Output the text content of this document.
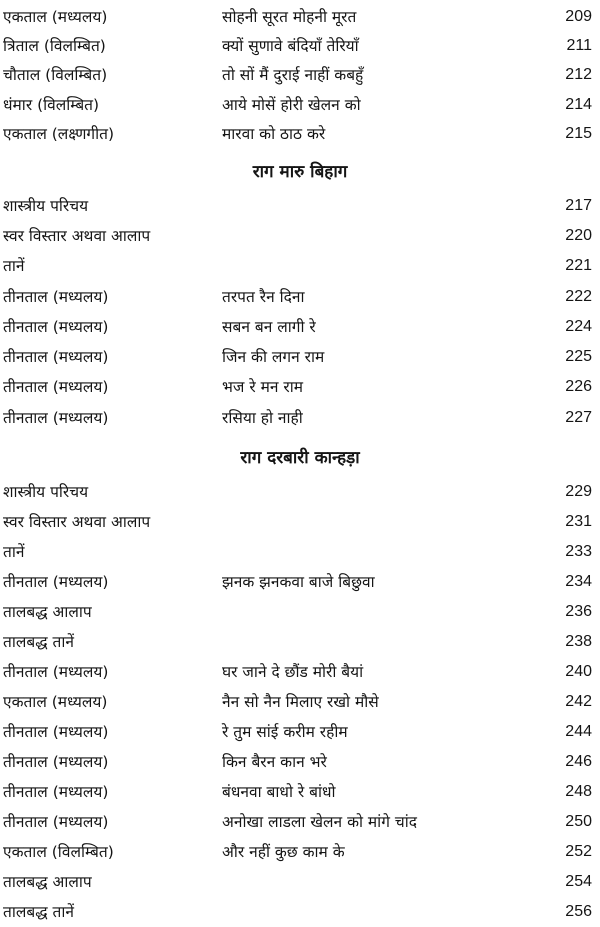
एकताल (मध्यलय)	सोहनी सूरत मोहनी मूरत	209
त्रिताल (विलम्बित)	क्यों सुणावे बंदियाँ तेरियाँ	211
चौताल (विलम्बित)	तो सों मैं दुराई नाहीं कबहुँ	212
धंमार (विलम्बित)	आये मोसें होरी खेलन को	214
एकताल (लक्ष्णगीत)	मारवा को ठाठ करे	215
राग मारु बिहाग
शास्त्रीय परिचय	217
स्वर विस्तार अथवा आलाप	220
तानें	221
तीनताल (मध्यलय)	तरपत रैन दिना	222
तीनताल (मध्यलय)	सबन बन लागी रे	224
तीनताल (मध्यलय)	जिन की लगन राम	225
तीनताल (मध्यलय)	भज रे मन राम	226
तीनताल (मध्यलय)	रसिया हो नाही	227
राग दरबारी कान्हड़ा
शास्त्रीय परिचय	229
स्वर विस्तार अथवा आलाप	231
तानें	233
तीनताल (मध्यलय)	झनक झनकवा बाजे बिछुवा	234
तालबद्ध आलाप	236
तालबद्ध तानें	238
तीनताल (मध्यलय)	घर जाने दे छौंड मोरी बैयां	240
एकताल (मध्यलय)	नैन सो नैन मिलाए रखो मौसे	242
तीनताल (मध्यलय)	रे तुम सांई करीम रहीम	244
तीनताल (मध्यलय)	किन बैरन कान भरे	246
तीनताल (मध्यलय)	बंधनवा बाधो रे बांधो	248
तीनताल (मध्यलय)	अनोखा लाडला खेलन को मांगे चांद	250
एकताल (विलम्बित)	और नहीं कुछ काम के	252
तालबद्ध आलाप	254
तालबद्ध तानें	256
